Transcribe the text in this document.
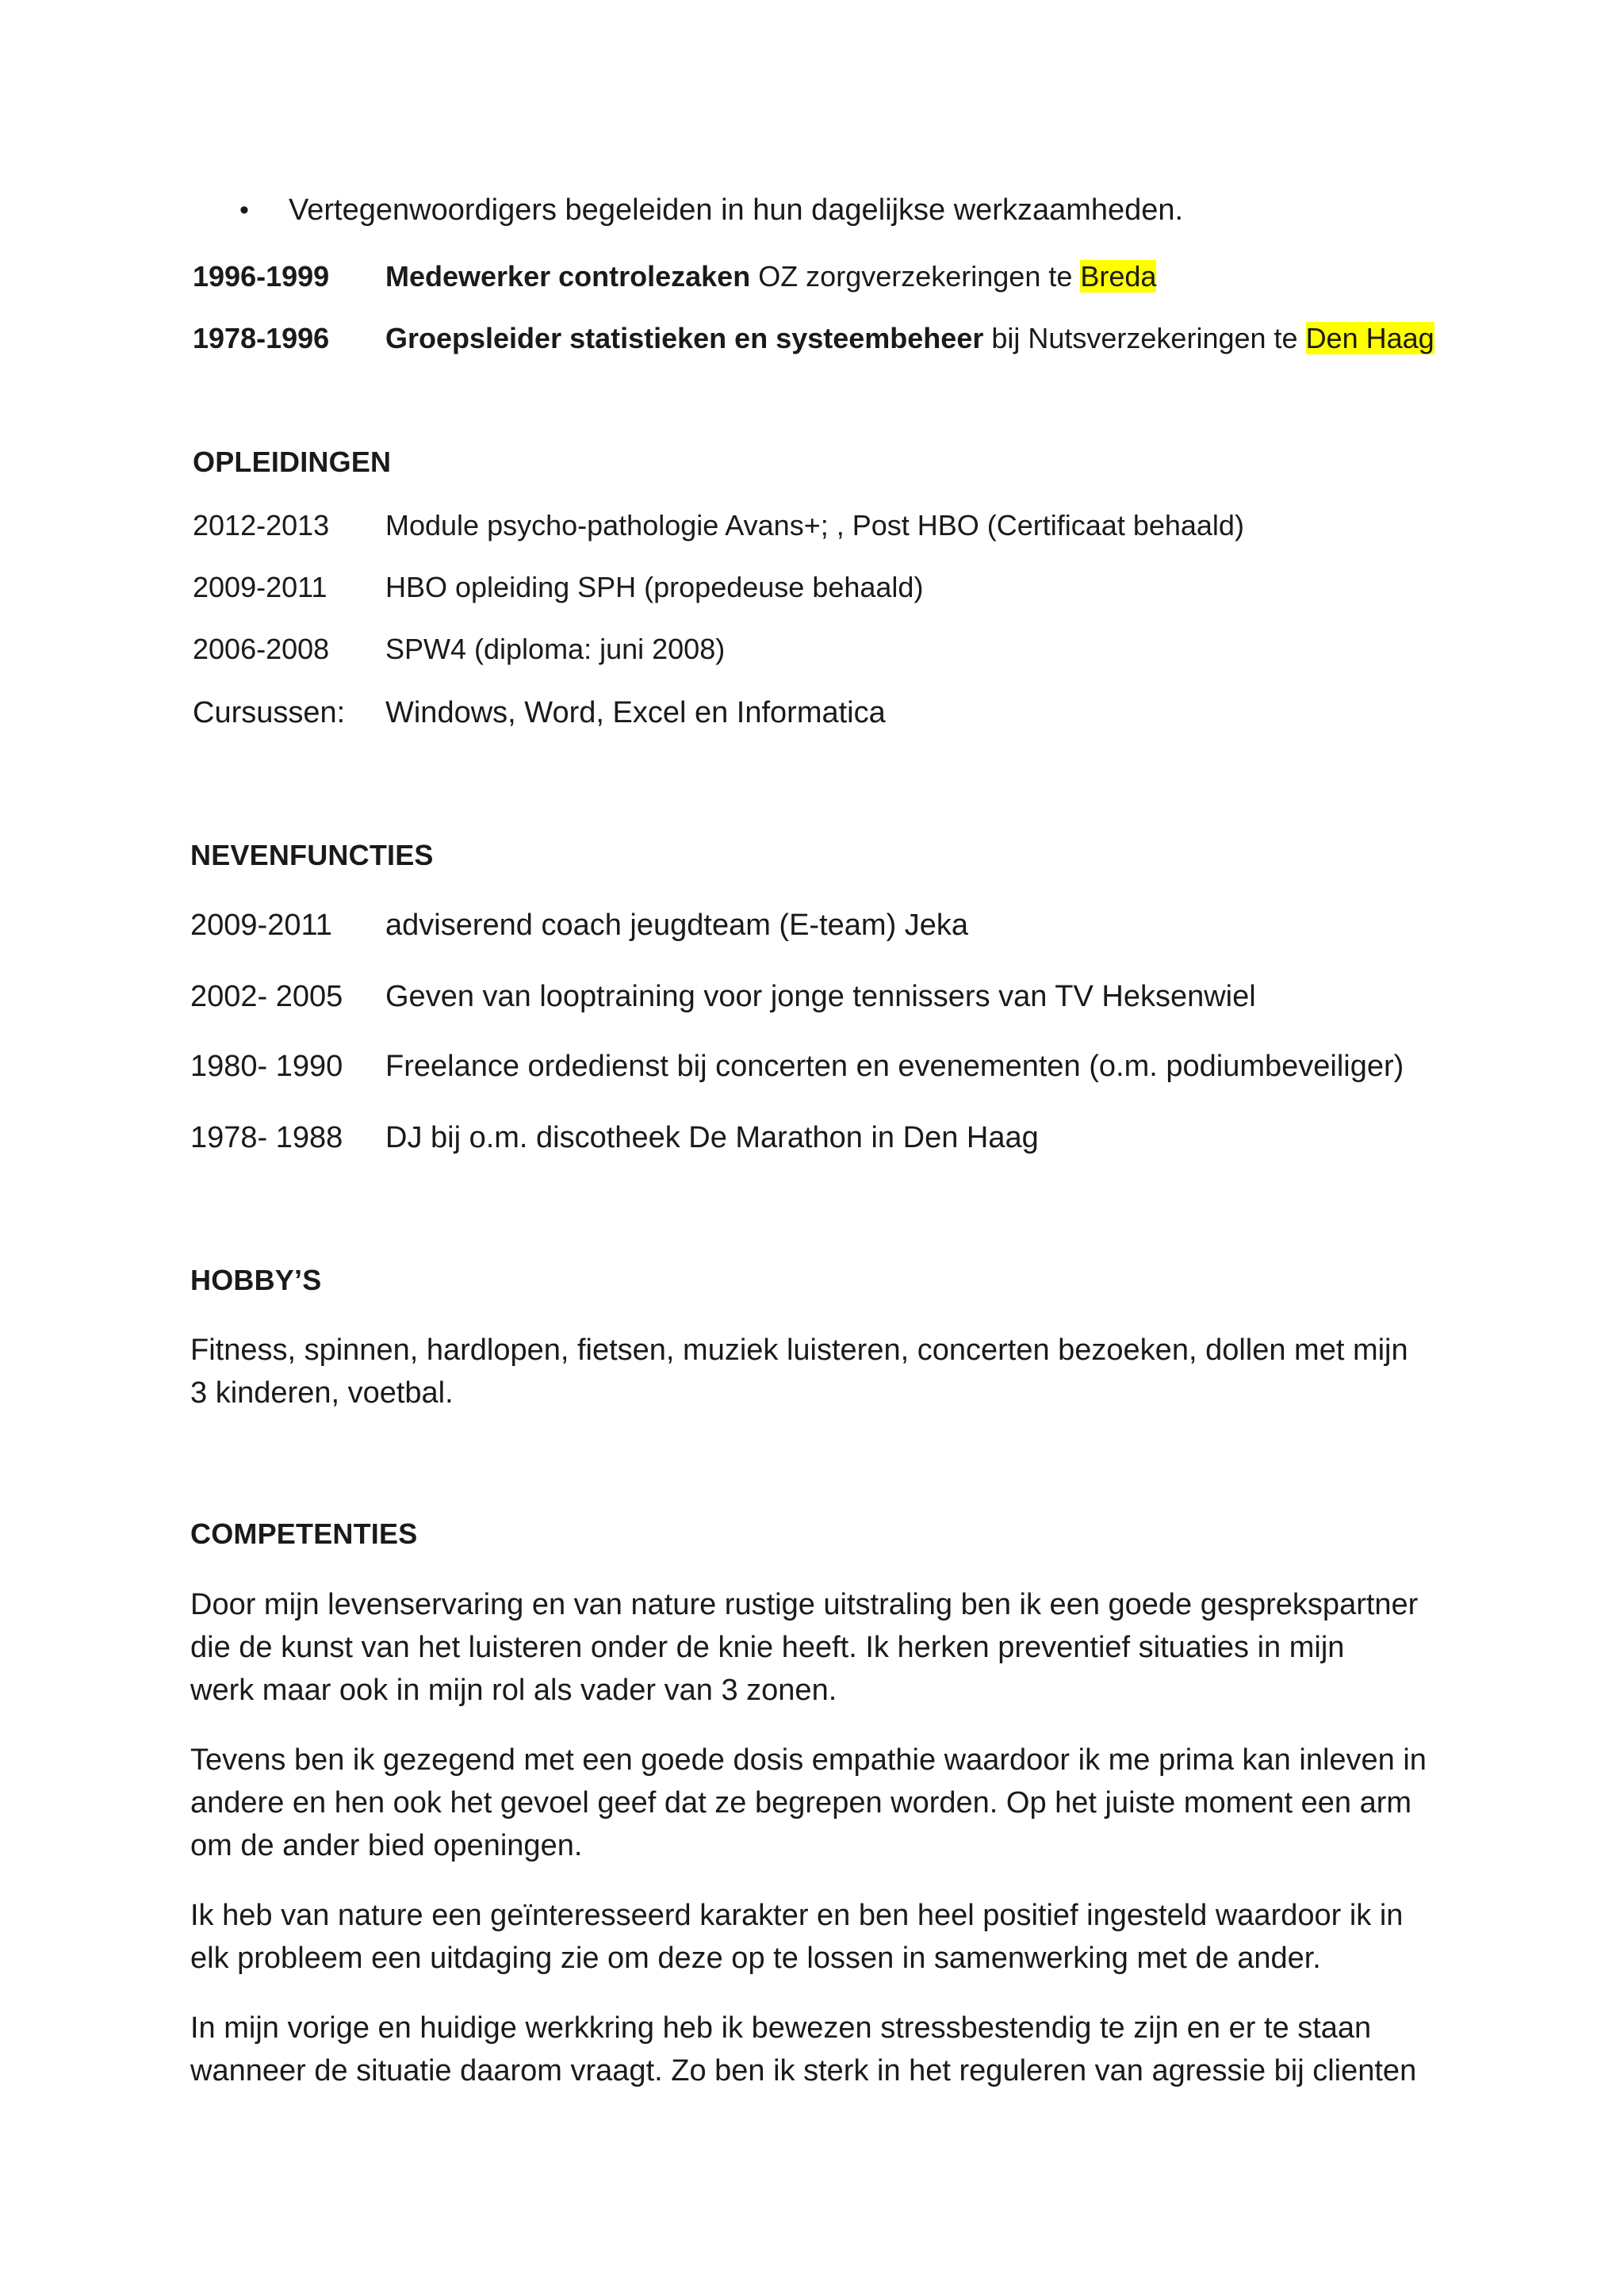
• Vertegenwoordigers begeleiden in hun dagelijkse werkzaamheden.
1996-1999 Medewerker controlezaken OZ zorgverzekeringen te Breda
1978-1996 Groepsleider statistieken en systeembeheer bij Nutsverzekeringen te Den Haag
OPLEIDINGEN
2012-2013 Module psycho-pathologie Avans+; , Post HBO (Certificaat behaald)
2009-2011 HBO opleiding SPH (propedeuse behaald)
2006-2008 SPW4 (diploma: juni 2008)
Cursussen: Windows, Word, Excel en Informatica
NEVENFUNCTIES
2009-2011 adviserend coach jeugdteam (E-team) Jeka
2002- 2005 Geven van looptraining voor jonge tennissers van TV Heksenwiel
1980- 1990 Freelance ordedienst bij concerten en evenementen (o.m. podiumbeveiliger)
1978- 1988 DJ bij o.m. discotheek De Marathon in Den Haag
HOBBY’S

Fitness, spinnen, hardlopen, fietsen, muziek luisteren, concerten bezoeken, dollen met mijn

3 kinderen, voetbal.

COMPETENTIES

Door mijn levenservaring en van nature rustige uitstraling ben ik een goede gesprekspartner

die de kunst van het luisteren onder de knie heeft. Ik herken preventief situaties in mijn

werk maar ook in mijn rol als vader van 3 zonen.

Tevens ben ik gezegend met een goede dosis empathie waardoor ik me prima kan inleven in

andere en hen ook het gevoel geef dat ze begrepen worden. Op het juiste moment een arm

om de ander bied openingen.

Ik heb van nature een geïnteresseerd karakter en ben heel positief ingesteld waardoor ik in

elk probleem een uitdaging zie om deze op te lossen in samenwerking met de ander.

In mijn vorige en huidige werkkring heb ik bewezen stressbestendig te zijn en er te staan

wanneer de situatie daarom vraagt. Zo ben ik sterk in het reguleren van agressie bij clienten
